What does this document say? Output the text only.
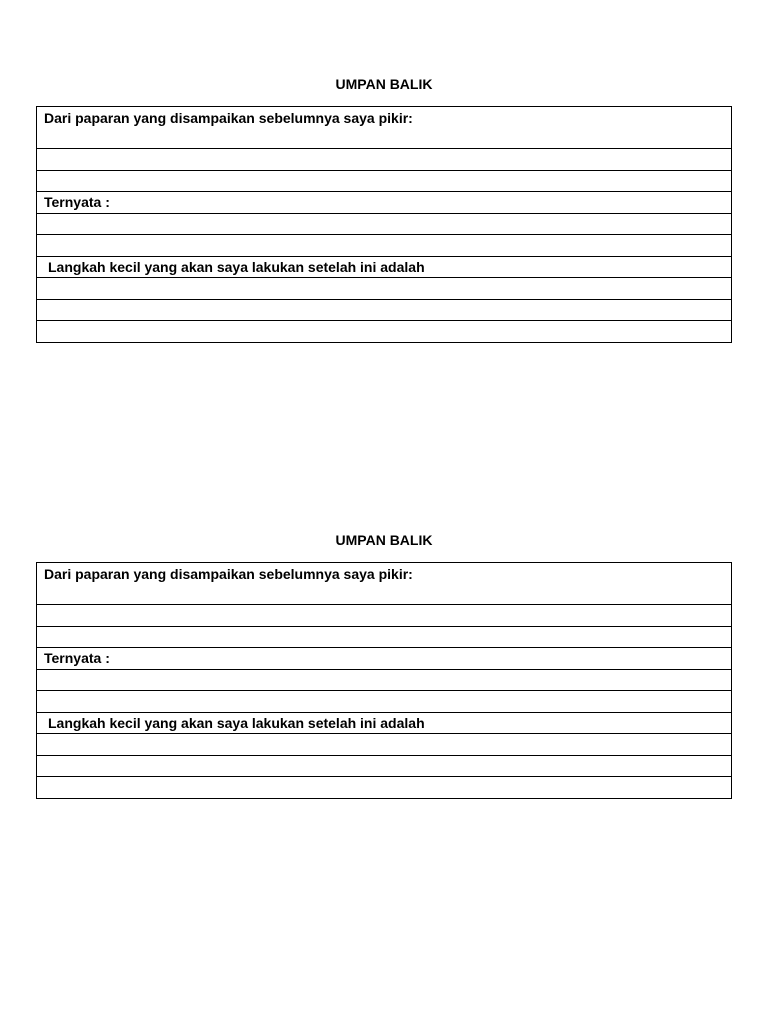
UMPAN BALIK
Dari paparan yang disampaikan sebelumnya saya pikir:
Ternyata :
Langkah kecil yang akan saya lakukan setelah ini adalah
UMPAN BALIK
Dari paparan yang disampaikan sebelumnya saya pikir:
Ternyata :
Langkah kecil yang akan saya lakukan setelah ini adalah
